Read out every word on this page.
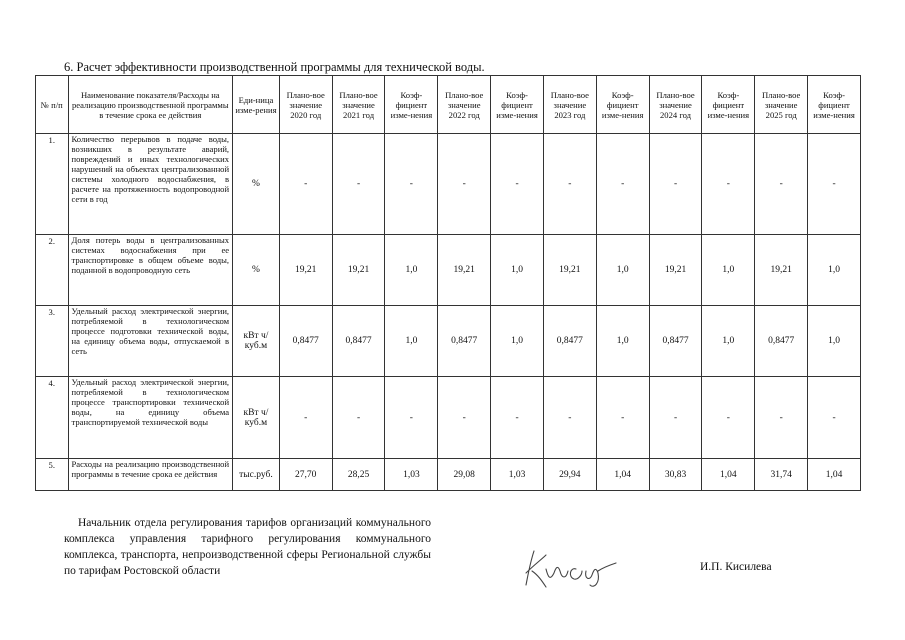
6. Расчет эффективности производственной программы для технической воды.
№ п/п	Наименование показателя/Расходы на реализацию производственной программы в течение срока ее действия	Еди-ница изме-рения	Плано-вое значение 2020 год	Плано-вое значение 2021 год	Коэф-фициент изме-нения	Плано-вое значение 2022 год	Коэф-фициент изме-нения	Плано-вое значение 2023 год	Коэф-фициент изме-нения	Плано-вое значение 2024 год	Коэф-фициент изме-нения	Плано-вое значение 2025 год	Коэф-фициент изме-нения
1.	Количество перерывов в подаче воды, возникших в результате аварий, повреждений и иных технологических нарушений на объектах централизованной системы холодного водоснабжения, в расчете на протяженность водопроводной сети в год	%	-	-	-	-	-	-	-	-	-	-	-
2.	Доля потерь воды в централизованных системах водоснабжения при ее транспортировке в общем объеме воды, поданной в водопроводную сеть	%	19,21	19,21	1,0	19,21	1,0	19,21	1,0	19,21	1,0	19,21	1,0
3.	Удельный расход электрической энергии, потребляемой в технологическом процессе подготовки технической воды, на единицу объема воды, отпускаемой в сеть	кВт ч/куб.м	0,8477	0,8477	1,0	0,8477	1,0	0,8477	1,0	0,8477	1,0	0,8477	1,0
4.	Удельный расход электрической энергии, потребляемой в технологическом процессе транспортировки технической воды, на единицу объема транспортируемой технической воды	кВт ч/куб.м	-	-	-	-	-	-	-	-	-	-	-
5.	Расходы на реализацию производственной программы в течение срока ее действия	тыс.руб.	27,70	28,25	1,03	29,08	1,03	29,94	1,04	30,83	1,04	31,74	1,04
Начальник отдела регулирования тарифов организаций коммунального комплекса управления тарифного регулирования коммунального комплекса, транспорта, непроизводственной сферы Региональной службы по тарифам Ростовской области	И.П. Кисилева
